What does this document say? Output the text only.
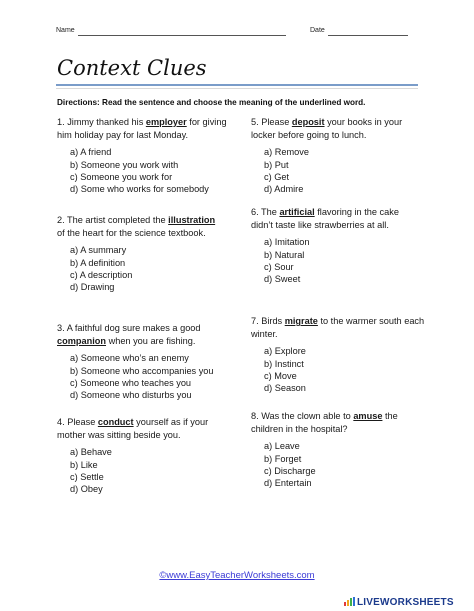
Name	Date
Context Clues
Directions: Read the sentence and choose the meaning of the underlined word.

1. Jimmy thanked his employer for giving him holiday pay for last Monday.

a) A friend
b) Someone you work with
c) Someone you work for
d) Some who works for somebody

2. The artist completed the illustration of the heart for the science textbook.

a) A summary
b) A definition
c) A description
d) Drawing

3. A faithful dog sure makes a good companion when you are fishing.

a) Someone who’s an enemy
b) Someone who accompanies you
c) Someone who teaches you
d) Someone who disturbs you

4. Please conduct yourself as if your mother was sitting beside you.

a) Behave
b) Like
c) Settle
d) Obey

5. Please deposit your books in your locker before going to lunch.

a) Remove
b) Put
c) Get
d) Admire

6. The artificial flavoring in the cake didn’t taste like strawberries at all.

a) Imitation
b) Natural
c) Sour
d) Sweet

7. Birds migrate to the warmer south each winter.

a) Explore
b) Instinct
c) Move
d) Season

8. Was the clown able to amuse the children in the hospital?

a) Leave
b) Forget
c) Discharge
d) Entertain
©www.EasyTeacherWorksheets.com
LIVEWORKSHEETS
